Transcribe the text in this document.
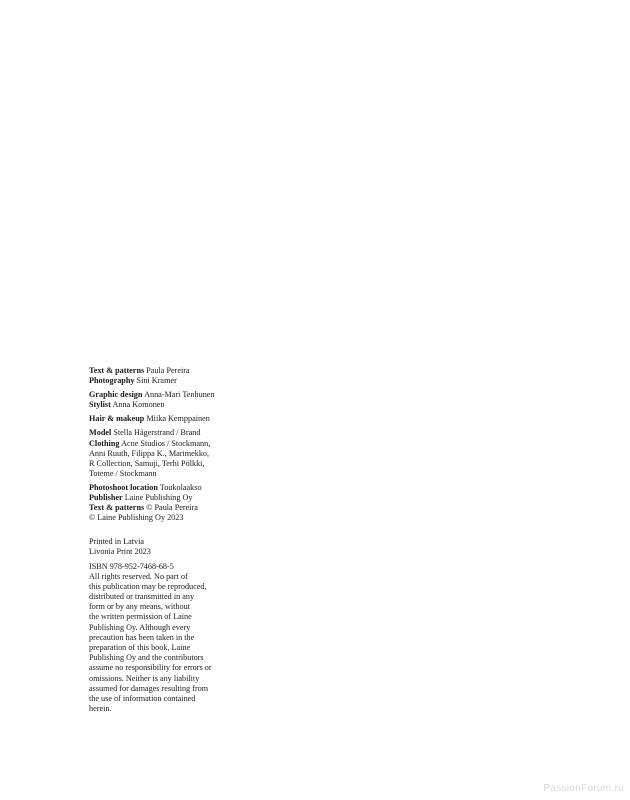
Text & patterns Paula Pereira
Photography Sini Kramer
Graphic design Anna-Mari Tenhunen
Stylist Anna Komonen
Hair & makeup Miika Kemppainen
Model Stella Hägerstrand / Brand
Clothing Acne Studios / Stockmann,
Anni Ruuth, Filippa K., Marimekko,
R Collection, Samuji, Terhi Pölkki,
Toteme / Stockmann
Photoshoot location Toukolaakso
Publisher Laine Publishing Oy
Text & patterns © Paula Pereira
© Laine Publishing Oy 2023
Printed in Latvia
Livonia Print 2023
ISBN 978-952-7468-68-5
All rights reserved. No part of
this publication may be reproduced,
distributed or transmitted in any
form or by any means, without
the written permission of Laine
Publishing Oy. Although every
precaution has been taken in the
preparation of this book, Laine
Publishing Oy and the contributors
assume no responsibility for errors or
omissions. Neither is any liability
assumed for damages resulting from
the use of information contained
herein.
PassionForum.ru
